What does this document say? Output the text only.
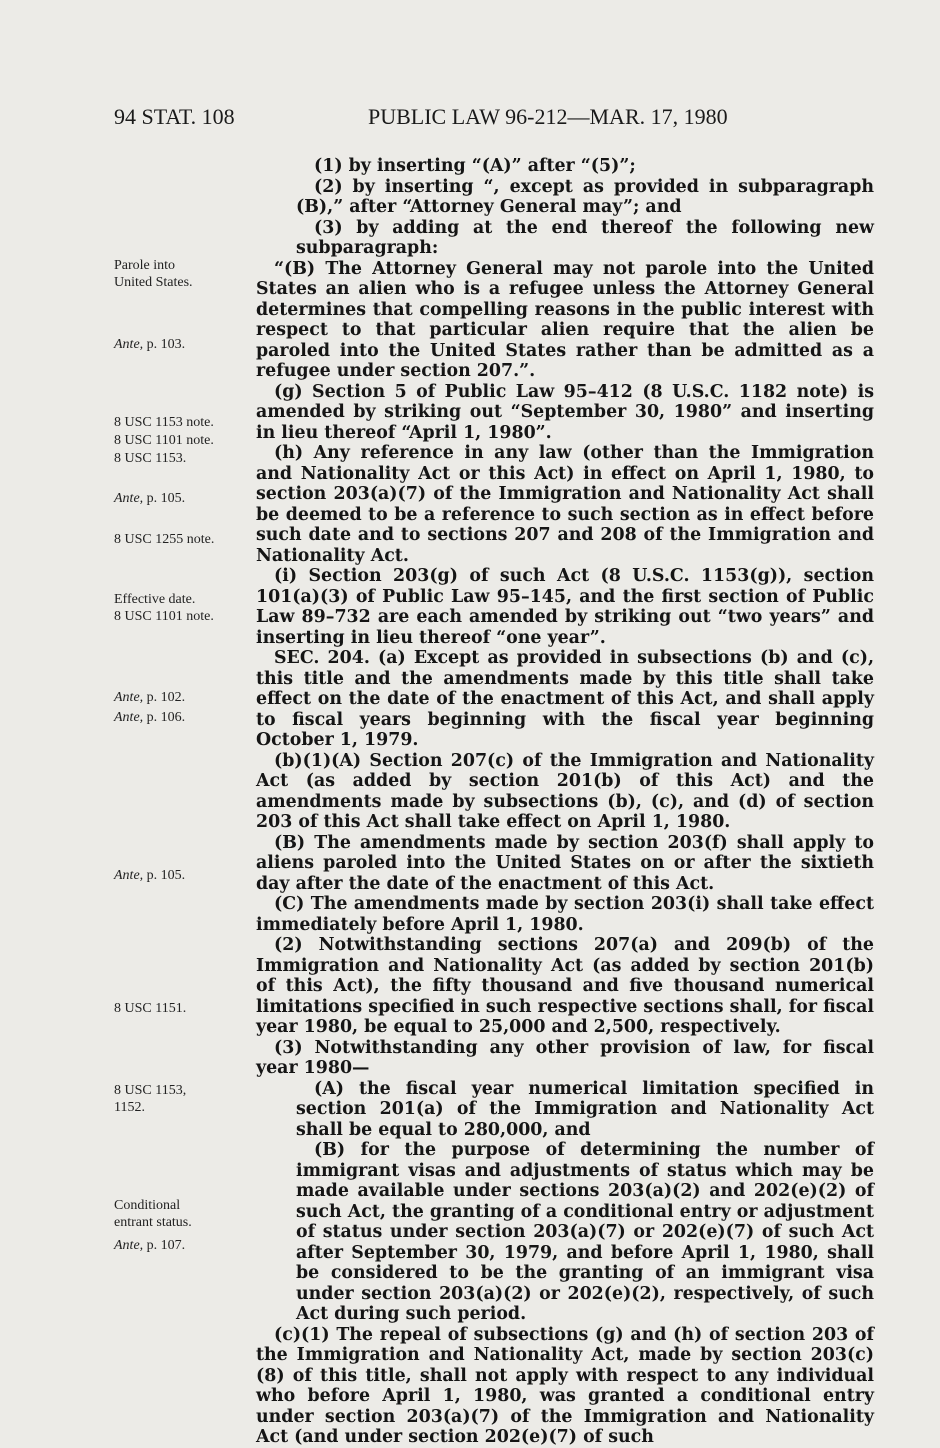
94 STAT. 108	PUBLIC LAW 96-212—MAR. 17, 1980
Parole into
United States.
Ante, p. 103.
8 USC 1153 note.
8 USC 1101 note.
8 USC 1153.
Ante, p. 105.
8 USC 1255 note.
Effective date.
8 USC 1101 note.
Ante, p. 102.
Ante, p. 106.
Ante, p. 105.
8 USC 1151.
8 USC 1153,
1152.
Conditional
entrant status.
Ante, p. 107.

(1) by inserting “(A)” after “(5)”;

(2) by inserting “, except as provided in subparagraph (B),” after “Attorney General may”; and

(3) by adding at the end thereof the following new subparagraph:

“(B) The Attorney General may not parole into the United States an alien who is a refugee unless the Attorney General determines that compelling reasons in the public interest with respect to that particular alien require that the alien be paroled into the United States rather than be admitted as a refugee under section 207.”.

(g) Section 5 of Public Law 95–412 (8 U.S.C. 1182 note) is amended by striking out “September 30, 1980” and inserting in lieu thereof “April 1, 1980”.

(h) Any reference in any law (other than the Immigration and Nationality Act or this Act) in effect on April 1, 1980, to section 203(a)(7) of the Immigration and Nationality Act shall be deemed to be a reference to such section as in effect before such date and to sections 207 and 208 of the Immigration and Nationality Act.

(i) Section 203(g) of such Act (8 U.S.C. 1153(g)), section 101(a)(3) of Public Law 95–145, and the first section of Public Law 89–732 are each amended by striking out “two years” and inserting in lieu thereof “one year”.

SEC. 204. (a) Except as provided in subsections (b) and (c), this title and the amendments made by this title shall take effect on the date of the enactment of this Act, and shall apply to fiscal years beginning with the fiscal year beginning October 1, 1979.

(b)(1)(A) Section 207(c) of the Immigration and Nationality Act (as added by section 201(b) of this Act) and the amendments made by subsections (b), (c), and (d) of section 203 of this Act shall take effect on April 1, 1980.

(B) The amendments made by section 203(f) shall apply to aliens paroled into the United States on or after the sixtieth day after the date of the enactment of this Act.

(C) The amendments made by section 203(i) shall take effect immediately before April 1, 1980.

(2) Notwithstanding sections 207(a) and 209(b) of the Immigration and Nationality Act (as added by section 201(b) of this Act), the fifty thousand and five thousand numerical limitations specified in such respective sections shall, for fiscal year 1980, be equal to 25,000 and 2,500, respectively.

(3) Notwithstanding any other provision of law, for fiscal year 1980—

(A) the fiscal year numerical limitation specified in section 201(a) of the Immigration and Nationality Act shall be equal to 280,000, and

(B) for the purpose of determining the number of immigrant visas and adjustments of status which may be made available under sections 203(a)(2) and 202(e)(2) of such Act, the granting of a conditional entry or adjustment of status under section 203(a)(7) or 202(e)(7) of such Act after September 30, 1979, and before April 1, 1980, shall be considered to be the granting of an immigrant visa under section 203(a)(2) or 202(e)(2), respectively, of such Act during such period.

(c)(1) The repeal of subsections (g) and (h) of section 203 of the Immigration and Nationality Act, made by section 203(c)(8) of this title, shall not apply with respect to any individual who before April 1, 1980, was granted a conditional entry under section 203(a)(7) of the Immigration and Nationality Act (and under section 202(e)(7) of such
